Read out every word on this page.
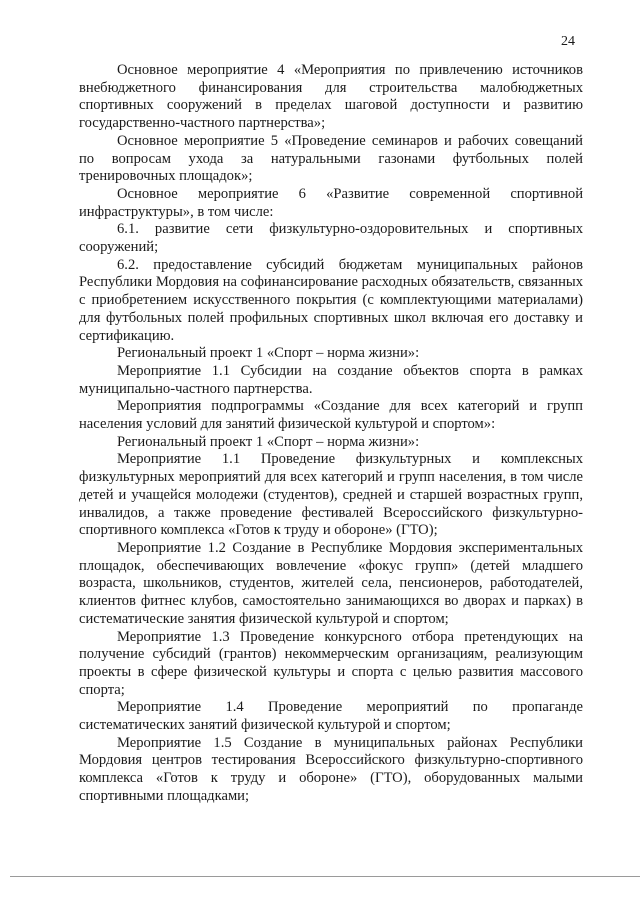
24

Основное мероприятие 4 «Мероприятия по привлечению источников внебюджетного финансирования для строительства малобюджетных спортивных сооружений в пределах шаговой доступности и развитию государственно-частного партнерства»;

Основное мероприятие 5 «Проведение семинаров и рабочих совещаний по вопросам ухода за натуральными газонами футбольных полей тренировочных площадок»;

Основное мероприятие 6 «Развитие современной спортивной инфраструктуры», в том числе:

6.1. развитие сети физкультурно-оздоровительных и спортивных сооружений;

6.2. предоставление субсидий бюджетам муниципальных районов Республики Мордовия на софинансирование расходных обязательств, связанных с приобретением искусственного покрытия (с комплектующими материалами) для футбольных полей профильных спортивных школ включая его доставку и сертификацию.

Региональный проект 1 «Спорт – норма жизни»:

Мероприятие 1.1 Субсидии на создание объектов спорта в рамках муниципально-частного партнерства.

Мероприятия подпрограммы «Создание для всех категорий и групп населения условий для занятий физической культурой и спортом»:

Региональный проект 1 «Спорт – норма жизни»:

Мероприятие 1.1 Проведение физкультурных и комплексных физкультурных мероприятий для всех категорий и групп населения, в том числе детей и учащейся молодежи (студентов), средней и старшей возрастных групп, инвалидов, а также проведение фестивалей Всероссийского физкультурно-спортивного комплекса «Готов к труду и обороне» (ГТО);

Мероприятие 1.2 Создание в Республике Мордовия экспериментальных площадок, обеспечивающих вовлечение «фокус групп» (детей младшего возраста, школьников, студентов, жителей села, пенсионеров, работодателей, клиентов фитнес клубов, самостоятельно занимающихся во дворах и парках) в систематические занятия физической культурой и спортом;

Мероприятие 1.3 Проведение конкурсного отбора претендующих на получение субсидий (грантов) некоммерческим организациям, реализующим проекты в сфере физической культуры и спорта с целью развития массового спорта;

Мероприятие 1.4 Проведение мероприятий по пропаганде систематических занятий физической культурой и спортом;

Мероприятие 1.5 Создание в муниципальных районах Республики Мордовия центров тестирования Всероссийского физкультурно-спортивного комплекса «Готов к труду и обороне» (ГТО), оборудованных малыми спортивными площадками;
